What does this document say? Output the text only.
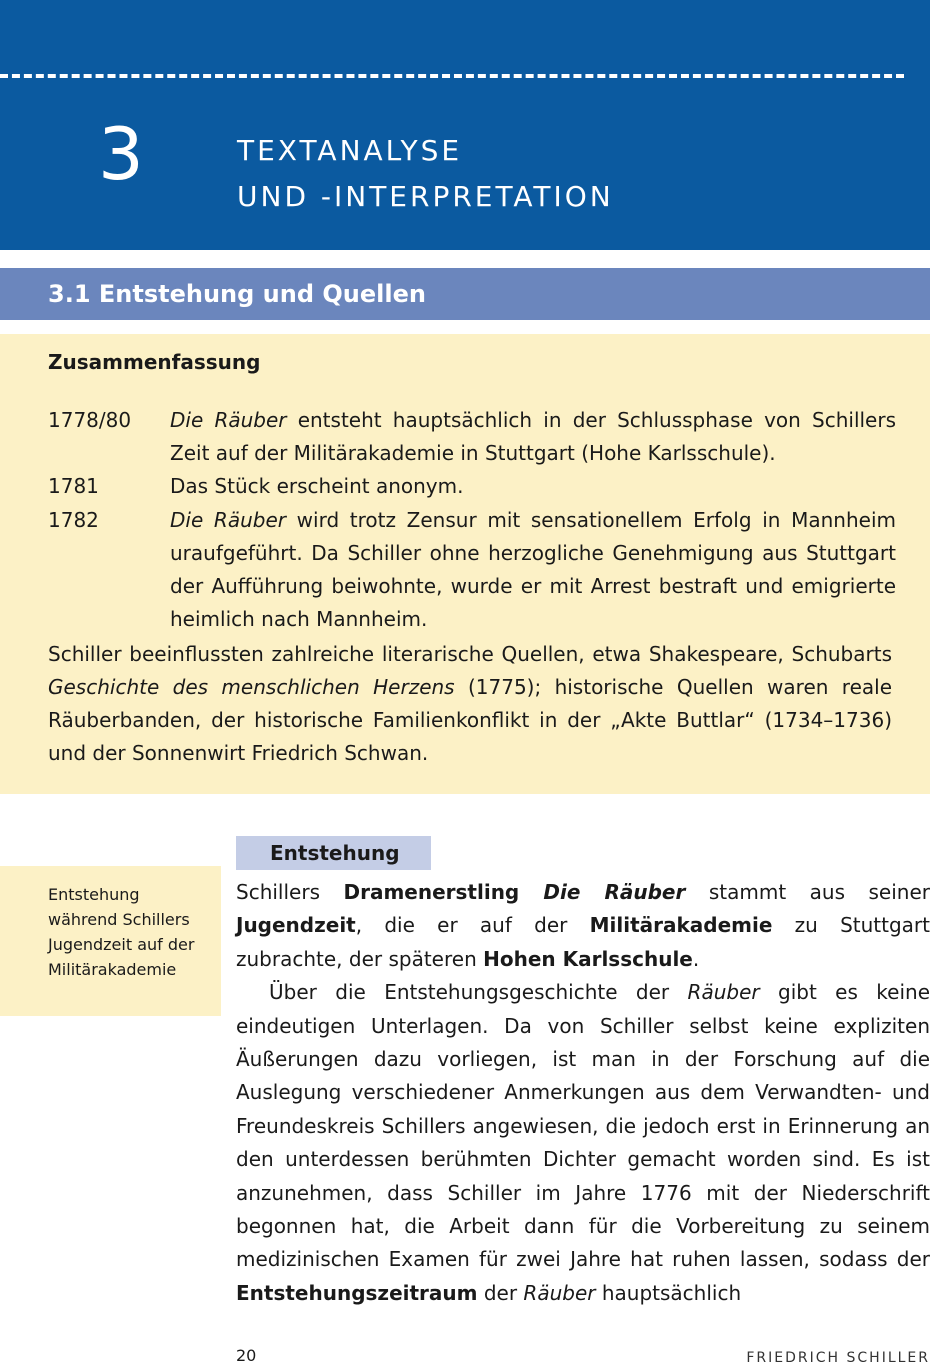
3	TEXTANALYSE
UND -INTERPRETATION
3.1 Entstehung und Quellen
Zusammenfassung
1778/80	Die Räuber entsteht hauptsächlich in der Schlussphase von Schillers Zeit auf der Militärakademie in Stuttgart (Hohe Karlsschule).
1781	Das Stück erscheint anonym.
1782	Die Räuber wird trotz Zensur mit sensationellem Erfolg in Mannheim uraufgeführt. Da Schiller ohne herzogliche Genehmigung aus Stuttgart der Aufführung beiwohnte, wurde er mit Arrest bestraft und emigrierte heimlich nach Mannheim.
Schiller beeinflussten zahlreiche literarische Quellen, etwa Shakespeare, Schubarts Geschichte des menschlichen Herzens (1775); historische Quellen waren reale Räuberbanden, der historische Familienkonflikt in der „Akte Buttlar“ (1734–1736) und der Sonnenwirt Friedrich Schwan.
Entstehung
Entstehung während Schillers Jugendzeit auf der Militärakademie

Schillers Dramenerstling Die Räuber stammt aus seiner Jugendzeit, die er auf der Militärakademie zu Stuttgart zubrachte, der späteren Hohen Karlsschule.

Über die Entstehungsgeschichte der Räuber gibt es keine eindeutigen Unterlagen. Da von Schiller selbst keine expliziten Äußerungen dazu vorliegen, ist man in der Forschung auf die Auslegung verschiedener Anmerkungen aus dem Verwandten- und Freundeskreis Schillers angewiesen, die jedoch erst in Erinnerung an den unterdessen berühmten Dichter gemacht worden sind. Es ist anzunehmen, dass Schiller im Jahre 1776 mit der Niederschrift begonnen hat, die Arbeit dann für die Vorbereitung zu seinem medizinischen Examen für zwei Jahre hat ruhen lassen, sodass der Entstehungszeitraum der Räuber hauptsächlich

20	FRIEDRICH SCHILLER
